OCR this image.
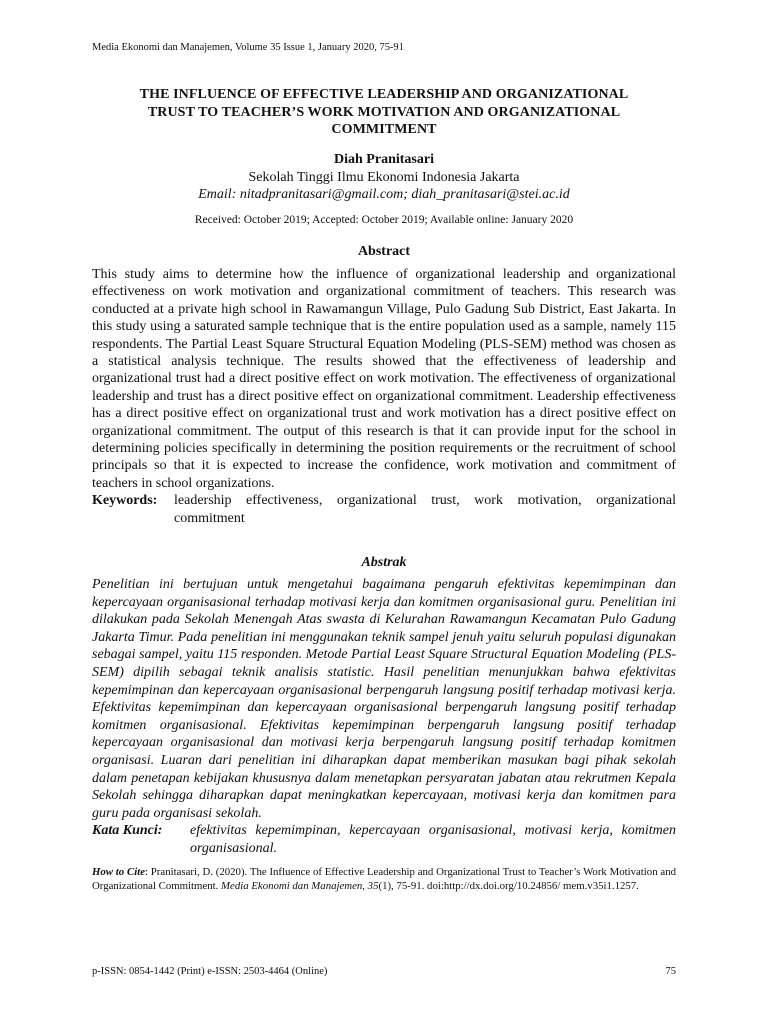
Media Ekonomi dan Manajemen, Volume 35 Issue 1, January 2020, 75-91
THE INFLUENCE OF EFFECTIVE LEADERSHIP AND ORGANIZATIONAL
TRUST TO TEACHER’S WORK MOTIVATION AND ORGANIZATIONAL
COMMITMENT
Diah Pranitasari
Sekolah Tinggi Ilmu Ekonomi Indonesia Jakarta
Email: nitadpranitasari@gmail.com; diah_pranitasari@stei.ac.id
Received: October 2019; Accepted: October 2019; Available online: January 2020
Abstract

This study aims to determine how the influence of organizational leadership and organizational effectiveness on work motivation and organizational commitment of teachers. This research was conducted at a private high school in Rawamangun Village, Pulo Gadung Sub District, East Jakarta. In this study using a saturated sample technique that is the entire population used as a sample, namely 115 respondents. The Partial Least Square Structural Equation Modeling (PLS-SEM) method was chosen as a statistical analysis technique. The results showed that the effectiveness of leadership and organizational trust had a direct positive effect on work motivation. The effectiveness of organizational leadership and trust has a direct positive effect on organizational commitment. Leadership effectiveness has a direct positive effect on organizational trust and work motivation has a direct positive effect on organizational commitment. The output of this research is that it can provide input for the school in determining policies specifically in determining the position requirements or the recruitment of school principals so that it is expected to increase the confidence, work motivation and commitment of teachers in school organizations.

Keywords:	leadership effectiveness, organizational trust, work motivation, organizational commitment
Abstrak

Penelitian ini bertujuan untuk mengetahui bagaimana pengaruh efektivitas kepemimpinan dan kepercayaan organisasional terhadap motivasi kerja dan komitmen organisasional guru. Penelitian ini dilakukan pada Sekolah Menengah Atas swasta di Kelurahan Rawamangun Kecamatan Pulo Gadung Jakarta Timur. Pada penelitian ini menggunakan teknik sampel jenuh yaitu seluruh populasi digunakan sebagai sampel, yaitu 115 responden. Metode Partial Least Square Structural Equation Modeling (PLS-SEM) dipilih sebagai teknik analisis statistic. Hasil penelitian menunjukkan bahwa efektivitas kepemimpinan dan kepercayaan organisasional berpengaruh langsung positif terhadap motivasi kerja. Efektivitas kepemimpinan dan kepercayaan organisasional berpengaruh langsung positif terhadap komitmen organisasional. Efektivitas kepemimpinan berpengaruh langsung positif terhadap kepercayaan organisasional dan motivasi kerja berpengaruh langsung positif terhadap komitmen organisasi. Luaran dari penelitian ini diharapkan dapat memberikan masukan bagi pihak sekolah dalam penetapan kebijakan khususnya dalam menetapkan persyaratan jabatan atau rekrutmen Kepala Sekolah sehingga diharapkan dapat meningkatkan kepercayaan, motivasi kerja dan komitmen para guru pada organisasi sekolah.

Kata Kunci:	efektivitas kepemimpinan, kepercayaan organisasional, motivasi kerja, komitmen organisasional.
How to Cite: Pranitasari, D. (2020). The Influence of Effective Leadership and Organizational Trust to Teacher’s Work Motivation and Organizational Commitment. Media Ekonomi dan Manajemen, 35(1), 75-91. doi:http://dx.doi.org/10.24856/ mem.v35i1.1257.
p-ISSN: 0854-1442 (Print) e-ISSN: 2503-4464 (Online)	75
